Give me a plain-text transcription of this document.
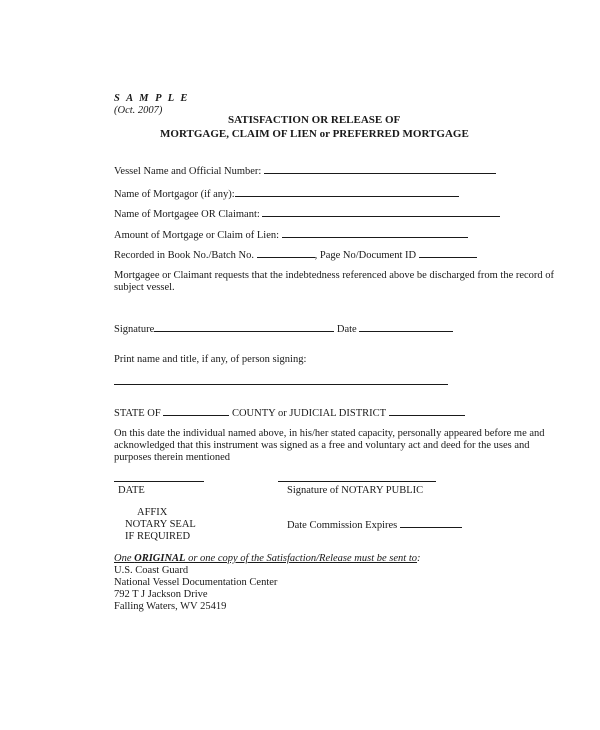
S A M P L E
(Oct. 2007)
SATISFACTION OR RELEASE OF
MORTGAGE, CLAIM OF LIEN or PREFERRED MORTGAGE
Vessel Name and Official Number:
Name of Mortgagor (if any):
Name of Mortgagee OR Claimant:
Amount of Mortgage or Claim of Lien:
Recorded in Book No./Batch No.	, Page No/Document ID
Mortgagee or Claimant requests that the indebtedness referenced above be discharged from the record of
subject vessel.
Signature	Date
Print name and title, if any, of person signing:
STATE OF	COUNTY or JUDICIAL DISTRICT
On this date the individual named above, in his/her stated capacity, personally appeared before me and
acknowledged that this instrument was signed as a free and voluntary act and deed for the uses and
purposes therein mentioned
DATE	Signature of NOTARY PUBLIC
AFFIX
NOTARY SEAL
IF REQUIRED
Date Commission Expires
One ORIGINAL or one copy of the Satisfaction/Release must be sent to:
U.S. Coast Guard
National Vessel Documentation Center
792 T J Jackson Drive
Falling Waters, WV 25419
